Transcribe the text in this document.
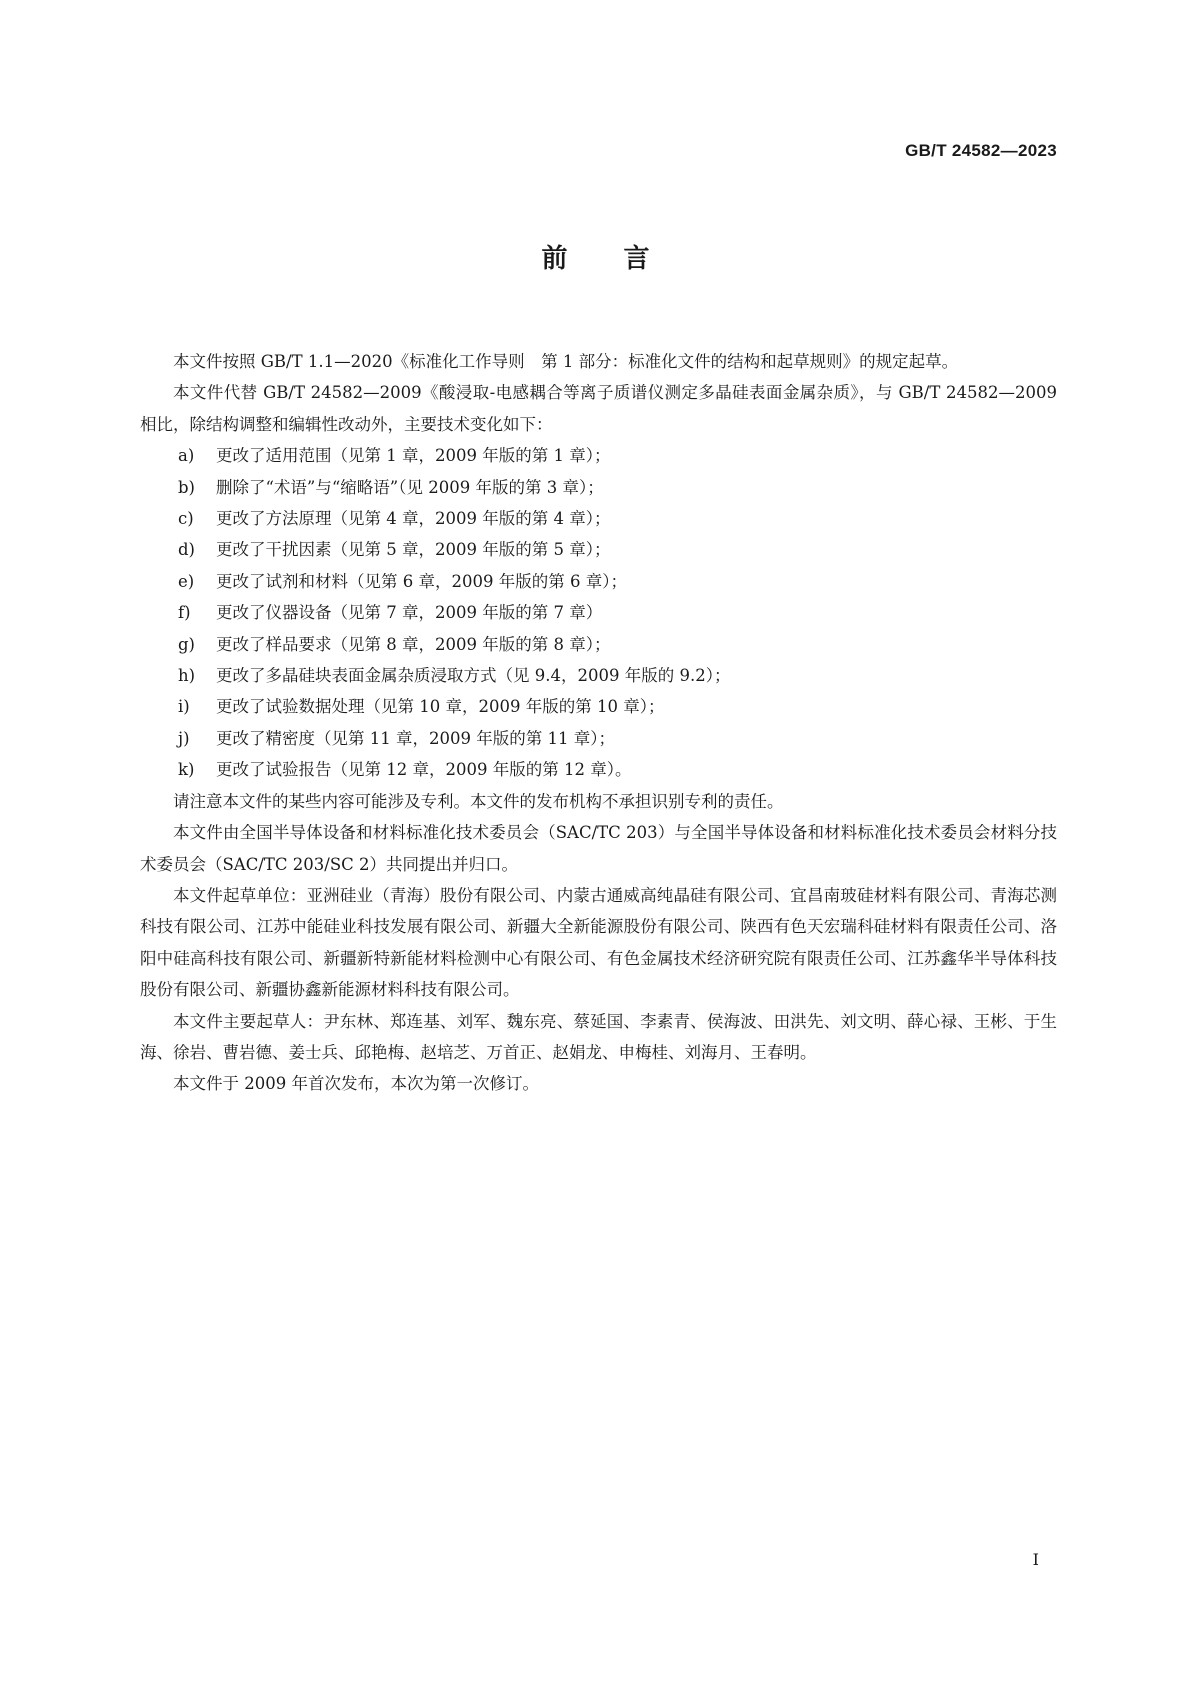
GB/T 24582—2023
前言

本文件按照 GB/T 1.1—2020《标准化工作导则　第 1 部分：标准化文件的结构和起草规则》的规定起草。

本文件代替 GB/T 24582—2009《酸浸取-电感耦合等离子质谱仪测定多晶硅表面金属杂质》，与 GB/T 24582—2009 相比，除结构调整和编辑性改动外，主要技术变化如下：

a)	更改了适用范围（见第 1 章，2009 年版的第 1 章）；
b)	删除了“术语”与“缩略语”（见 2009 年版的第 3 章）；
c)	更改了方法原理（见第 4 章，2009 年版的第 4 章）；
d)	更改了干扰因素（见第 5 章，2009 年版的第 5 章）；
e)	更改了试剂和材料（见第 6 章，2009 年版的第 6 章）；
f)	更改了仪器设备（见第 7 章，2009 年版的第 7 章）
g)	更改了样品要求（见第 8 章，2009 年版的第 8 章）；
h)	更改了多晶硅块表面金属杂质浸取方式（见 9.4，2009 年版的 9.2）；
i)	更改了试验数据处理（见第 10 章，2009 年版的第 10 章）；
j)	更改了精密度（见第 11 章，2009 年版的第 11 章）；
k)	更改了试验报告（见第 12 章，2009 年版的第 12 章）。

请注意本文件的某些内容可能涉及专利。本文件的发布机构不承担识别专利的责任。

本文件由全国半导体设备和材料标准化技术委员会（SAC/TC 203）与全国半导体设备和材料标准化技术委员会材料分技术委员会（SAC/TC 203/SC 2）共同提出并归口。

本文件起草单位：亚洲硅业（青海）股份有限公司、内蒙古通威高纯晶硅有限公司、宜昌南玻硅材料有限公司、青海芯测科技有限公司、江苏中能硅业科技发展有限公司、新疆大全新能源股份有限公司、陕西有色天宏瑞科硅材料有限责任公司、洛阳中硅高科技有限公司、新疆新特新能材料检测中心有限公司、有色金属技术经济研究院有限责任公司、江苏鑫华半导体科技股份有限公司、新疆协鑫新能源材料科技有限公司。

本文件主要起草人：尹东林、郑连基、刘军、魏东亮、蔡延国、李素青、侯海波、田洪先、刘文明、薛心禄、王彬、于生海、徐岩、曹岩德、姜士兵、邱艳梅、赵培芝、万首正、赵娟龙、申梅桂、刘海月、王春明。

本文件于 2009 年首次发布，本次为第一次修订。

I
